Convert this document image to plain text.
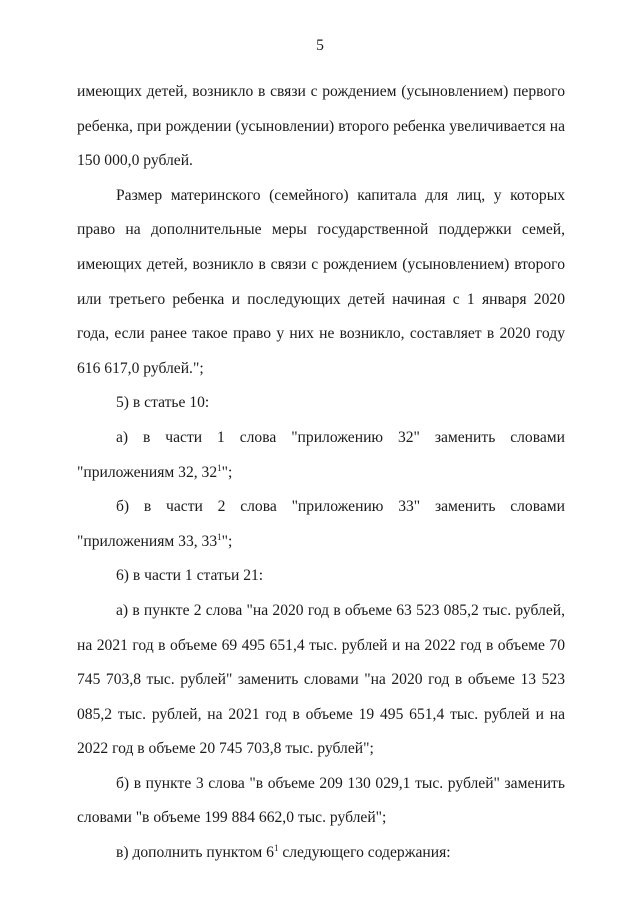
5

имеющих детей, возникло в связи с рождением (усыновлением) первого ребенка, при рождении (усыновлении) второго ребенка увеличивается на 150 000,0 рублей.

Размер материнского (семейного) капитала для лиц, у которых право на дополнительные меры государственной поддержки семей, имеющих детей, возникло в связи с рождением (усыновлением) второго или третьего ребенка и последующих детей начиная с 1 января 2020 года, если ранее такое право у них не возникло, составляет в 2020 году 616 617,0 рублей.";

5) в статье 10:

а) в части 1 слова "приложению 32" заменить словами "приложениям 32, $32^1$";

б) в части 2 слова "приложению 33" заменить словами "приложениям 33, $33^1$";

6) в части 1 статьи 21:

а) в пункте 2 слова "на 2020 год в объеме 63 523 085,2 тыс. рублей, на 2021 год в объеме 69 495 651,4 тыс. рублей и на 2022 год в объеме 70 745 703,8 тыс. рублей" заменить словами "на 2020 год в объеме 13 523 085,2 тыс. рублей, на 2021 год в объеме 19 495 651,4 тыс. рублей и на 2022 год в объеме 20 745 703,8 тыс. рублей";

б) в пункте 3 слова "в объеме 209 130 029,1 тыс. рублей" заменить словами "в объеме 199 884 662,0 тыс. рублей";

в) дополнить пунктом $6^1$ следующего содержания:
